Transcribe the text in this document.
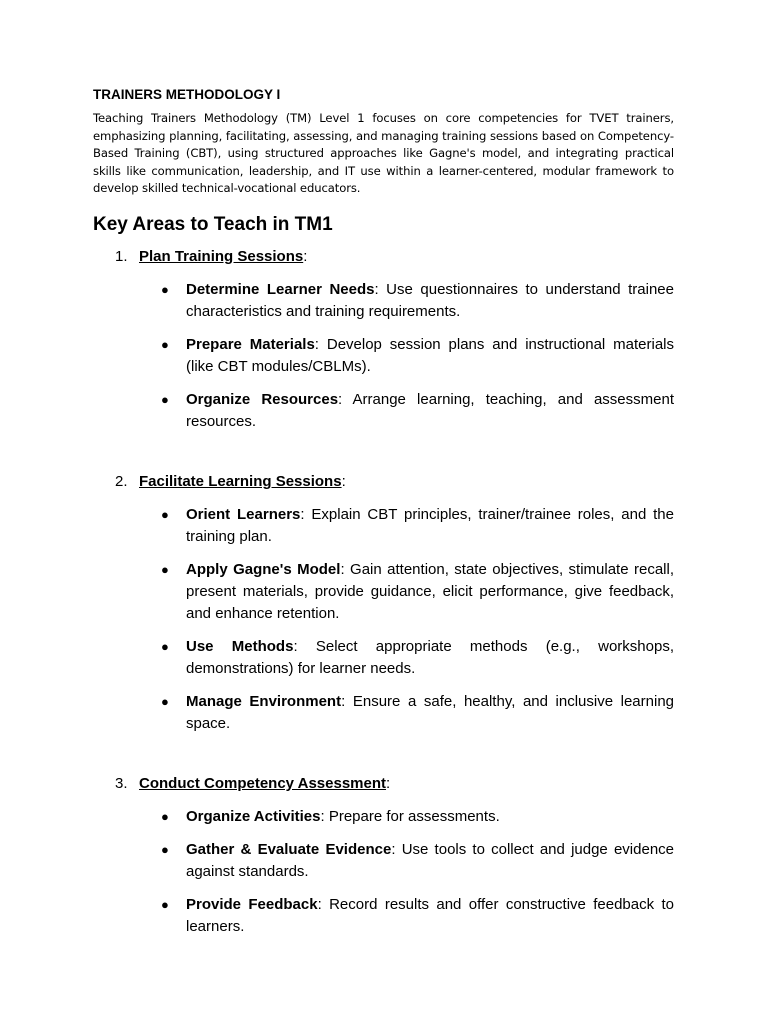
TRAINERS METHODOLOGY I

Teaching Trainers Methodology (TM) Level 1 focuses on core competencies for TVET trainers, emphasizing planning, facilitating, assessing, and managing training sessions based on Competency-Based Training (CBT), using structured approaches like Gagne's model, and integrating practical skills like communication, leadership, and IT use within a learner-centered, modular framework to develop skilled technical-vocational educators.

Key Areas to Teach in TM1
1. Plan Training Sessions:
● Determine Learner Needs: Use questionnaires to understand trainee characteristics and training requirements.
● Prepare Materials: Develop session plans and instructional materials (like CBT modules/CBLMs).
● Organize Resources: Arrange learning, teaching, and assessment resources.
2. Facilitate Learning Sessions:
● Orient Learners: Explain CBT principles, trainer/trainee roles, and the training plan.
● Apply Gagne's Model: Gain attention, state objectives, stimulate recall, present materials, provide guidance, elicit performance, give feedback, and enhance retention.
● Use Methods: Select appropriate methods (e.g., workshops, demonstrations) for learner needs.
● Manage Environment: Ensure a safe, healthy, and inclusive learning space.
3. Conduct Competency Assessment:
● Organize Activities: Prepare for assessments.
● Gather & Evaluate Evidence: Use tools to collect and judge evidence against standards.
● Provide Feedback: Record results and offer constructive feedback to learners.
